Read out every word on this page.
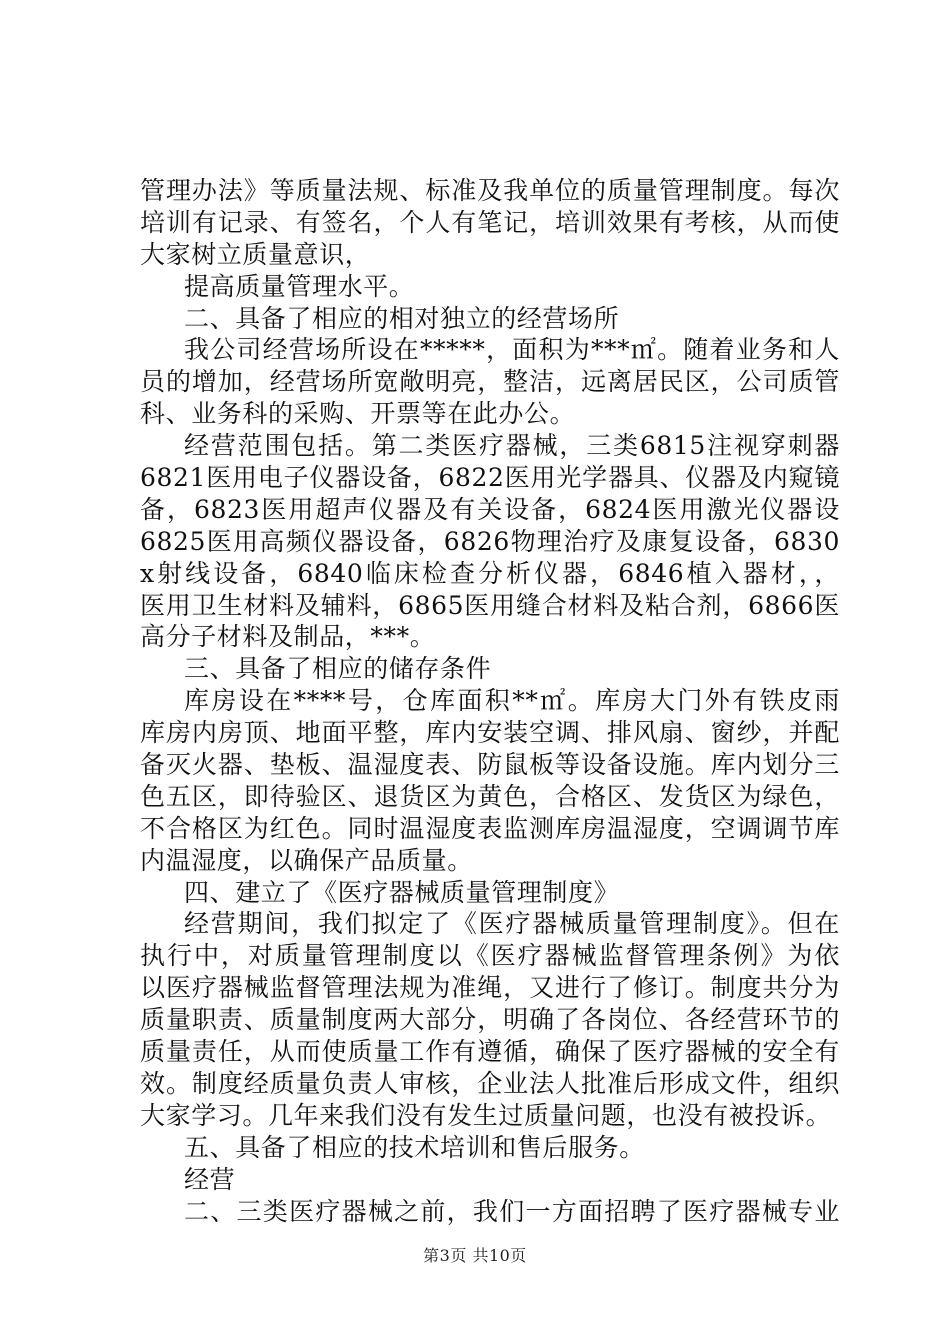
管理办法》等质量法规、标准及我单位的质量管理制度。每次
培训有记录、有签名，个人有笔记，培训效果有考核，从而使
大家树立质量意识，
提高质量管理水平。
二、具备了相应的相对独立的经营场所
我公司经营场所设在*****，面积为***㎡。随着业务和人
员的增加，经营场所宽敞明亮，整洁，远离居民区，公司质管
科、业务科的采购、开票等在此办公。
经营范围包括。第二类医疗器械，三类6815注视穿刺器
6821医用电子仪器设备，6822医用光学器具、仪器及内窥镜
备，6823医用超声仪器及有关设备，6824医用激光仪器设
6825医用高频仪器设备，6826物理治疗及康复设备，6830
x射线设备，6840临床检查分析仪器，6846植入器材，，
医用卫生材料及辅料，6865医用缝合材料及粘合剂，6866医
高分子材料及制品，***。
三、具备了相应的储存条件
库房设在****号，仓库面积**㎡。库房大门外有铁皮雨
库房内房顶、地面平整，库内安装空调、排风扇、窗纱，并配
备灭火器、垫板、温湿度表、防鼠板等设备设施。库内划分三
色五区，即待验区、退货区为黄色，合格区、发货区为绿色，
不合格区为红色。同时温湿度表监测库房温湿度，空调调节库
内温湿度，以确保产品质量。
四、建立了《医疗器械质量管理制度》
经营期间，我们拟定了《医疗器械质量管理制度》。但在
执行中，对质量管理制度以《医疗器械监督管理条例》为依
以医疗器械监督管理法规为准绳，又进行了修订。制度共分为
质量职责、质量制度两大部分，明确了各岗位、各经营环节的
质量责任，从而使质量工作有遵循，确保了医疗器械的安全有
效。制度经质量负责人审核，企业法人批准后形成文件，组织
大家学习。几年来我们没有发生过质量问题，也没有被投诉。
五、具备了相应的技术培训和售后服务。
经营
二、三类医疗器械之前，我们一方面招聘了医疗器械专业
第3页 共10页
